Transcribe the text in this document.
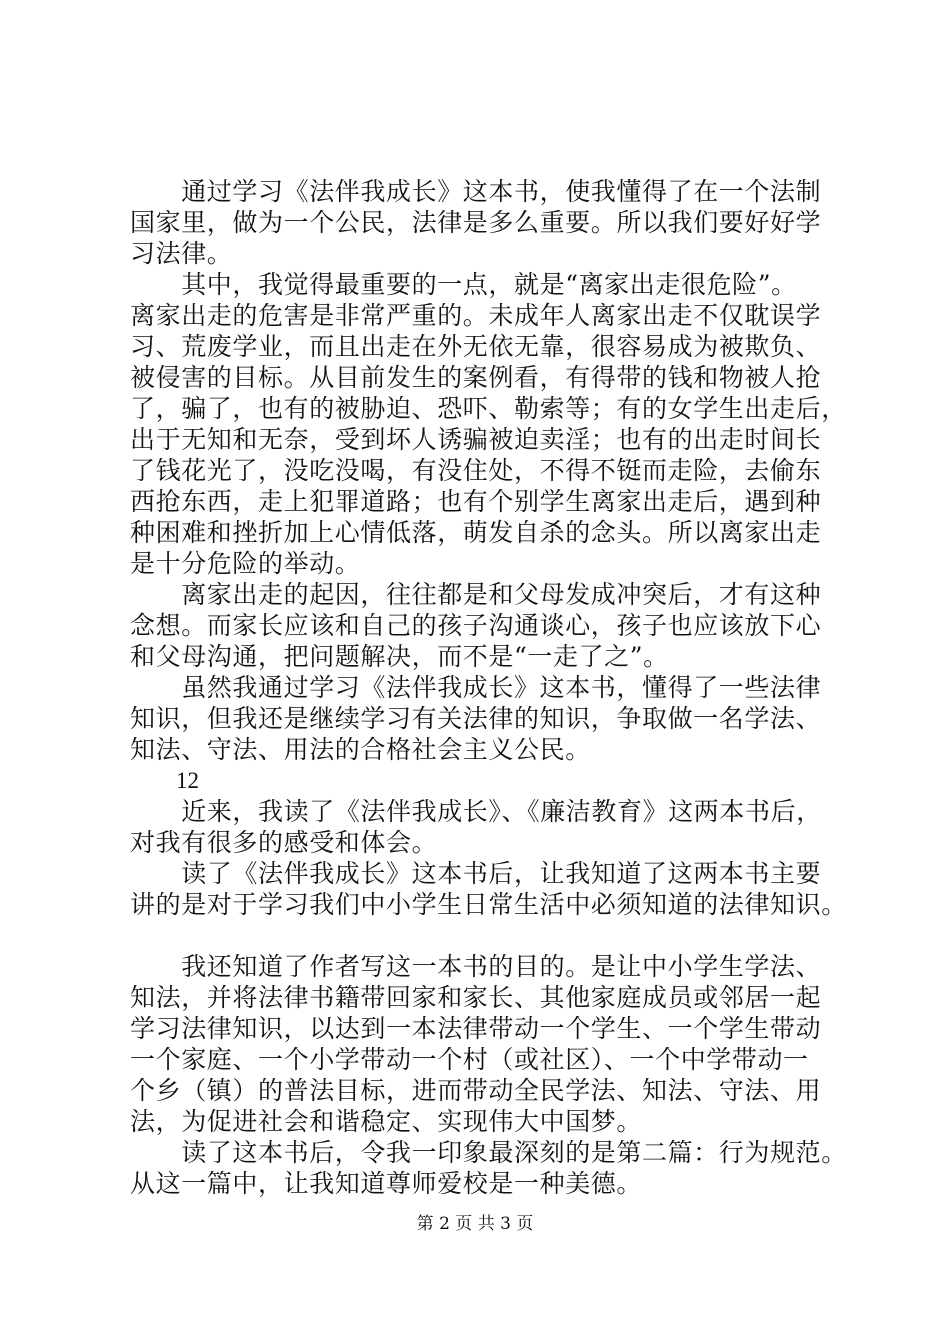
　　通过学习《法伴我成长》这本书，使我懂得了在一个法制
国家里，做为一个公民，法律是多么重要。所以我们要好好学
习法律。
　　其中，我觉得最重要的一点，就是“离家出走很危险”。
离家出走的危害是非常严重的。未成年人离家出走不仅耽误学
习、荒废学业，而且出走在外无依无靠，很容易成为被欺负、
被侵害的目标。从目前发生的案例看，有得带的钱和物被人抢
了，骗了，也有的被胁迫、恐吓、勒索等；有的女学生出走后，
出于无知和无奈，受到坏人诱骗被迫卖淫；也有的出走时间长
了钱花光了，没吃没喝，有没住处，不得不铤而走险，去偷东
西抢东西，走上犯罪道路；也有个别学生离家出走后，遇到种
种困难和挫折加上心情低落，萌发自杀的念头。所以离家出走
是十分危险的举动。
　　离家出走的起因，往往都是和父母发成冲突后，才有这种
念想。而家长应该和自己的孩子沟通谈心，孩子也应该放下心
和父母沟通，把问题解决，而不是“一走了之”。
　　虽然我通过学习《法伴我成长》这本书，懂得了一些法律
知识，但我还是继续学习有关法律的知识，争取做一名学法、
知法、守法、用法的合格社会主义公民。
　　12
　　近来，我读了《法伴我成长》、《廉洁教育》这两本书后，
对我有很多的感受和体会。
　　读了《法伴我成长》这本书后，让我知道了这两本书主要
讲的是对于学习我们中小学生日常生活中必须知道的法律知识。
　　我还知道了作者写这一本书的目的。是让中小学生学法、
知法，并将法律书籍带回家和家长、其他家庭成员或邻居一起
学习法律知识，以达到一本法律带动一个学生、一个学生带动
一个家庭、一个小学带动一个村（或社区）、一个中学带动一
个乡（镇）的普法目标，进而带动全民学法、知法、守法、用
法，为促进社会和谐稳定、实现伟大中国梦。
　　读了这本书后，令我一印象最深刻的是第二篇：行为规范。
从这一篇中，让我知道尊师爱校是一种美德。
第 2 页 共 3 页
